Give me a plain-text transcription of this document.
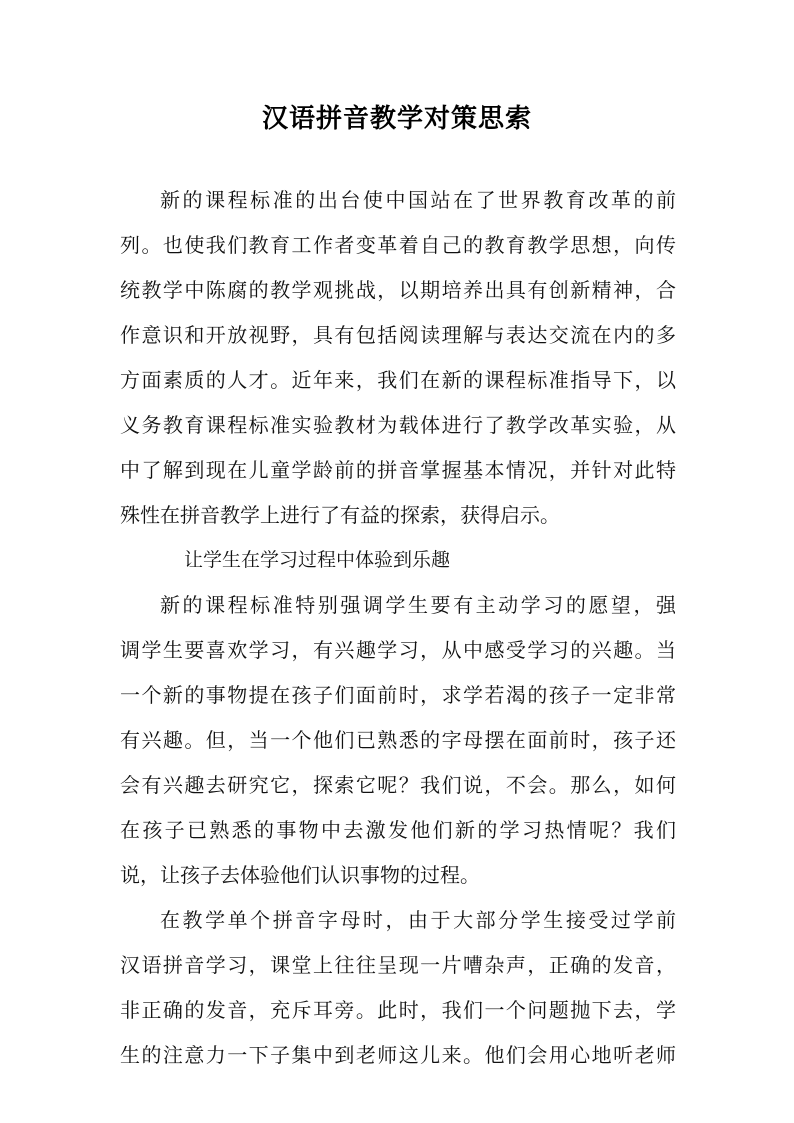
汉语拼音教学对策思索
新的课程标准的出台使中国站在了世界教育改革的前
列。也使我们教育工作者变革着自己的教育教学思想，向传
统教学中陈腐的教学观挑战，以期培养出具有创新精神，合
作意识和开放视野，具有包括阅读理解与表达交流在内的多
方面素质的人才。近年来，我们在新的课程标准指导下，以
义务教育课程标准实验教材为载体进行了教学改革实验，从
中了解到现在儿童学龄前的拼音掌握基本情况，并针对此特
殊性在拼音教学上进行了有益的探索，获得启示。
让学生在学习过程中体验到乐趣
新的课程标准特别强调学生要有主动学习的愿望，强
调学生要喜欢学习，有兴趣学习，从中感受学习的兴趣。当
一个新的事物提在孩子们面前时，求学若渴的孩子一定非常
有兴趣。但，当一个他们已熟悉的字母摆在面前时，孩子还
会有兴趣去研究它，探索它呢？我们说，不会。那么，如何
在孩子已熟悉的事物中去激发他们新的学习热情呢？我们
说，让孩子去体验他们认识事物的过程。
在教学单个拼音字母时，由于大部分学生接受过学前
汉语拼音学习，课堂上往往呈现一片嘈杂声，正确的发音，
非正确的发音，充斥耳旁。此时，我们一个问题抛下去，学
生的注意力一下子集中到老师这儿来。他们会用心地听老师
